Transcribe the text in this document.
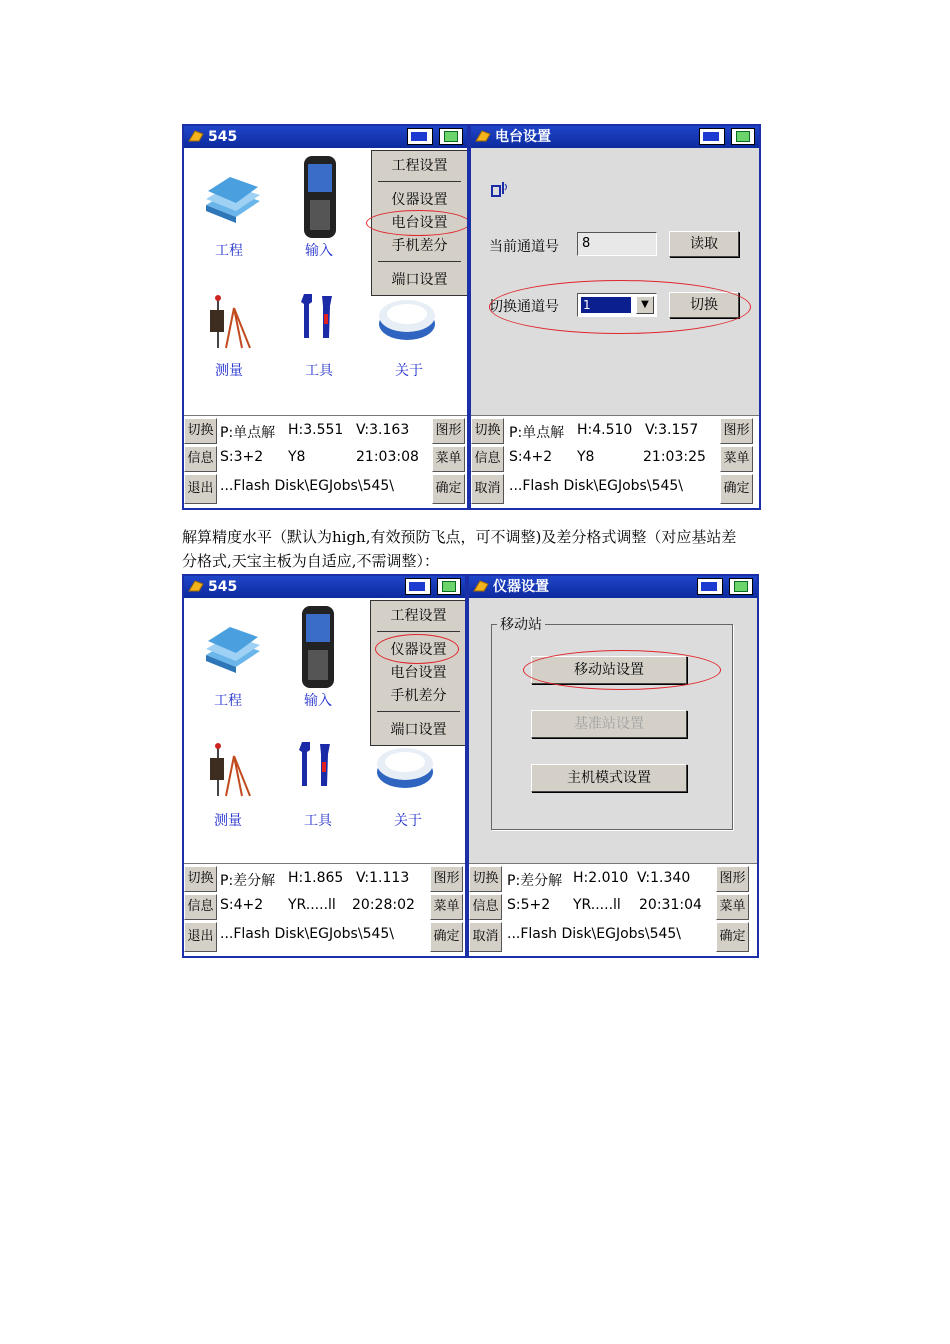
545
工程	输入
测量	工具	关于
工程设置
仪器设置
电台设置
手机差分
端口设置
切换
信息
退出
图形
菜单
确定
P:单点解 H:3.551 V:3.163
S:3+2 Y8	21:03:08
...Flash Disk\EGJobs\545\
电台设置
当前通道号	8	读取
切换通道号 1	▼	切换
切换
信息
取消
图形
菜单
确定
P:单点解 H:4.510 V:3.157
S:4+2 Y8	21:03:25
...Flash Disk\EGJobs\545\
解算精度水平（默认为high,有效预防飞点，可不调整)及差分格式调整（对应基站差
分格式,天宝主板为自适应,不需调整）：
545
工程	输入
测量	工具	关于
工程设置
仪器设置
电台设置
手机差分
端口设置
切换
信息
退出
图形
菜单
确定
P:差分解 H:1.865 V:1.113
S:4+2 YR.....ll 20:28:02
...Flash Disk\EGJobs\545\
仪器设置
移动站
移动站设置
基准站设置
主机模式设置
切换
信息
取消
图形
菜单
确定
P:差分解 H:2.010 V:1.340
S:5+2 YR.....ll 20:31:04
...Flash Disk\EGJobs\545\
